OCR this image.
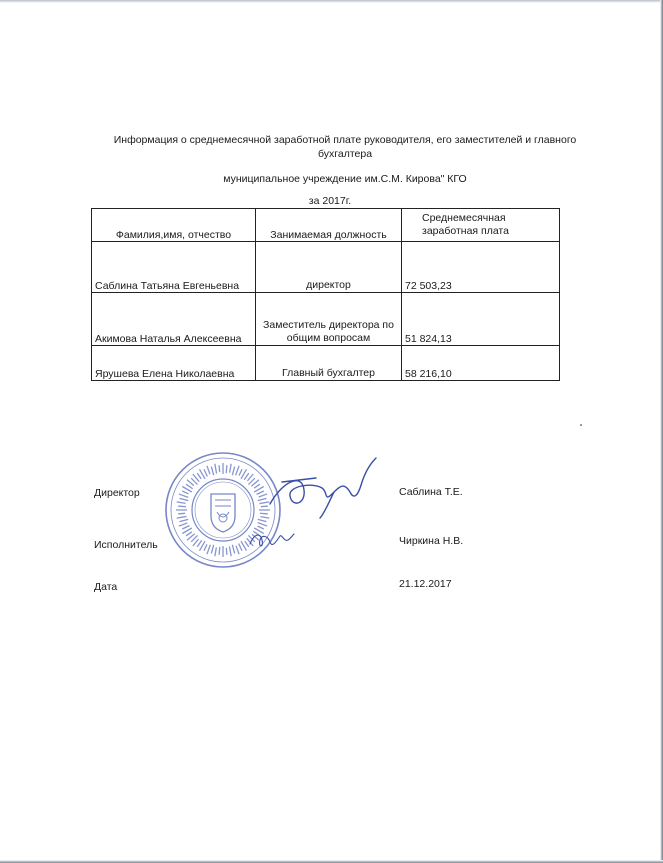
Информация о среднемесячной заработной плате руководителя, его заместителей и главного бухгалтера
муниципальное учреждение им.С.М. Кирова" КГО
за 2017г.
Фамилия,имя, отчество	Занимаемая должность	Среднемесячная заработная плата
Саблина Татьяна Евгеньевна	директор	72 503,23
Акимова Наталья Алексеевна	Заместитель директора по общим вопросам	51 824,13
Ярушева Елена Николаевна	Главный бухгалтер	58 216,10
Директор	Саблина Т.Е.
Исполнитель	Чиркина Н.В.
Дата	21.12.2017
